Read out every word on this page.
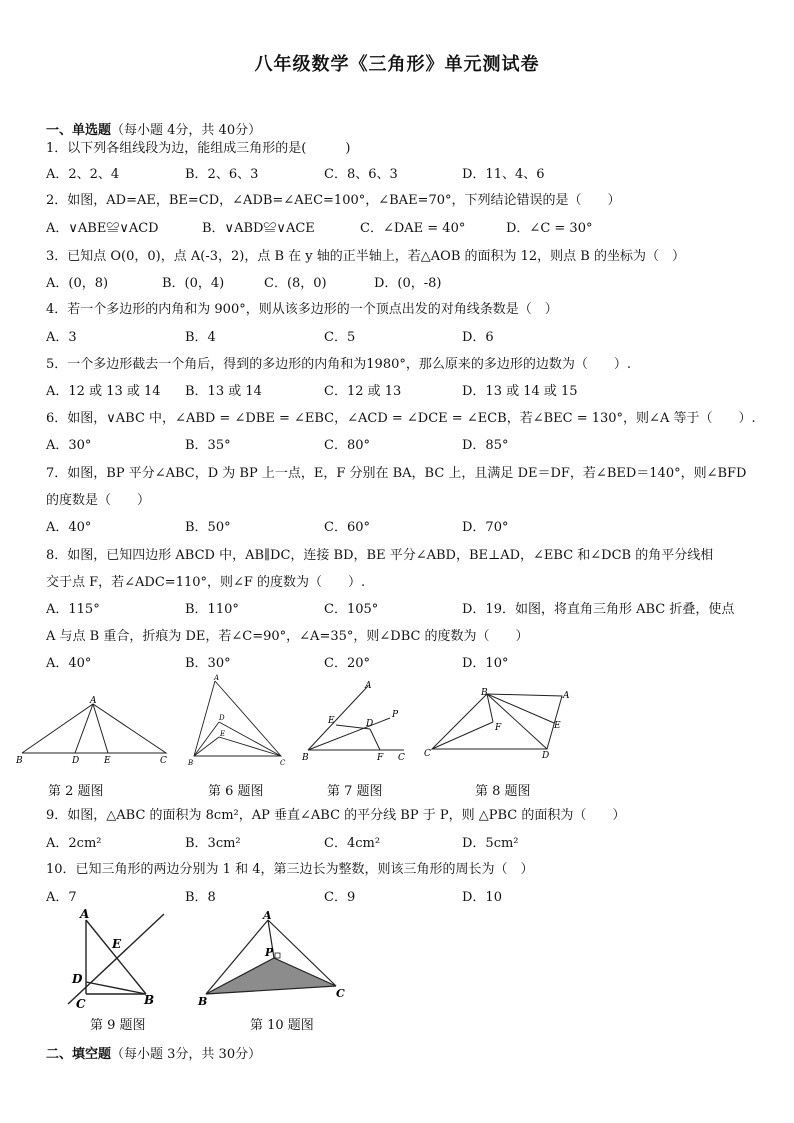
八年级数学《三角形》单元测试卷
一、单选题（每小题 4分，共 40分）
1．以下列各组线段为边，能组成三角形的是(　　　)
A．2、2、4	B．2、6、3	C．8、6、3	D．11、4、6
2．如图，AD=AE，BE=CD，∠ADB=∠AEC=100°，∠BAE=70°，下列结论错误的是（　　）
A．∨ABE≌∨ACD	B．∨ABD≌∨ACE	C．∠DAE = 40°	D．∠C = 30°
3．已知点 O(0，0)，点 A(-3，2)，点 B 在 y 轴的正半轴上，若△AOB 的面积为 12，则点 B 的坐标为（　）
A．(0，8)	B．(0，4)	C．(8，0)	D．(0，-8)
4．若一个多边形的内角和为 900°，则从该多边形的一个顶点出发的对角线条数是（　）
A．3	B．4	C．5	D．6
5．一个多边形截去一个角后，得到的多边形的内角和为1980°，那么原来的多边形的边数为（　　）.
A．12 或 13 或 14 B．13 或 14	C．12 或 13	D．13 或 14 或 15
6．如图，∨ABC 中，∠ABD = ∠DBE = ∠EBC，∠ACD = ∠DCE = ∠ECB，若∠BEC = 130°，则∠A 等于（　　）.
A．30°	B．35°	C．80°	D．85°
7．如图，BP 平分∠ABC，D 为 BP 上一点，E，F 分别在 BA，BC 上，且满足 DE＝DF，若∠BED＝140°，则∠BFD
的度数是（　　）
A．40°	B．50°	C．60°	D．70°
8．如图，已知四边形 ABCD 中，AB∥DC，连接 BD，BE 平分∠ABD，BE⊥AD，∠EBC 和∠DCB 的角平分线相
交于点 F，若∠ADC=110°，则∠F 的度数为（　　）.
A．115°	B．110°	C．105°	D．19．如图，将直角三角形 ABC 折叠，使点
A 与点 B 重合，折痕为 DE，若∠C=90°，∠A=35°，则∠DBC 的度数为（　　）
A．40°	B．30°	C．20°	D．10°
A
B	D	E	C
第 2 题图
A
D
E
B	C
第 6 题图
A
P
E	D
B	F C
第 7 题图
B	A
F	E
C	D
第 8 题图
9．如图，△ABC 的面积为 8cm²，AP 垂直∠ABC 的平分线 BP 于 P，则 △PBC 的面积为（　　）
A．2cm²	B．3cm²	C．4cm²	D．5cm²
10．已知三角形的两边分别为 1 和 4，第三边长为整数，则该三角形的周长为（　）
A．7	B．8	C．9	D．10
A
E
D
C	B
第 9 题图
A
P
B
C
第 10 题图
二、填空题（每小题 3分，共 30分）
